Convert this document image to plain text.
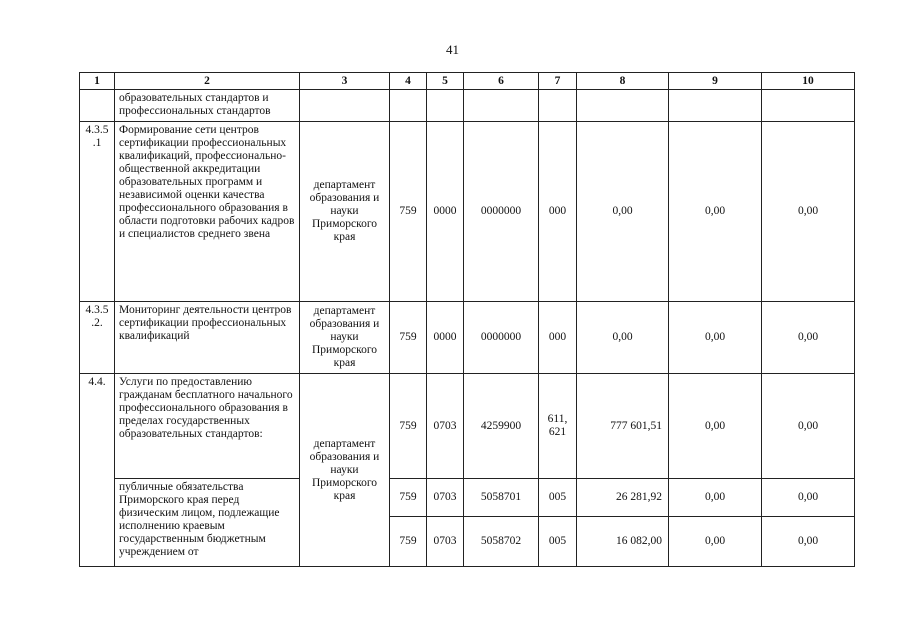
41
1	2	3	4	5	6	7	8	9	10
	образовательных стандартов и профессиональных стандартов								
4.3.5 .1	Формирование сети центров сертификации профессиональных квалификаций, профессионально-общественной аккредитации образовательных программ и независимой оценки качества профессионального образования в области подготовки рабочих кадров и специалистов среднего звена	департамент образования и науки Приморского края	759	0000	0000000	000	0,00	0,00	0,00
4.3.5 .2.	Мониторинг деятельности центров сертификации профессиональных квалификаций	департамент образования и науки Приморского края	759	0000	0000000	000	0,00	0,00	0,00
4.4.	Услуги по предоставлению гражданам бесплатного начального профессионального образования в пределах государственных образовательных стандартов:	департамент образования и науки Приморского края	759	0703	4259900	611, 621	777 601,51	0,00	0,00
	публичные обязательства Приморского края перед физическим лицом, подлежащие исполнению краевым государственным бюджетным учреждением от		759	0703	5058701	005	26 281,92	0,00	0,00
			759	0703	5058702	005	16 082,00	0,00	0,00
